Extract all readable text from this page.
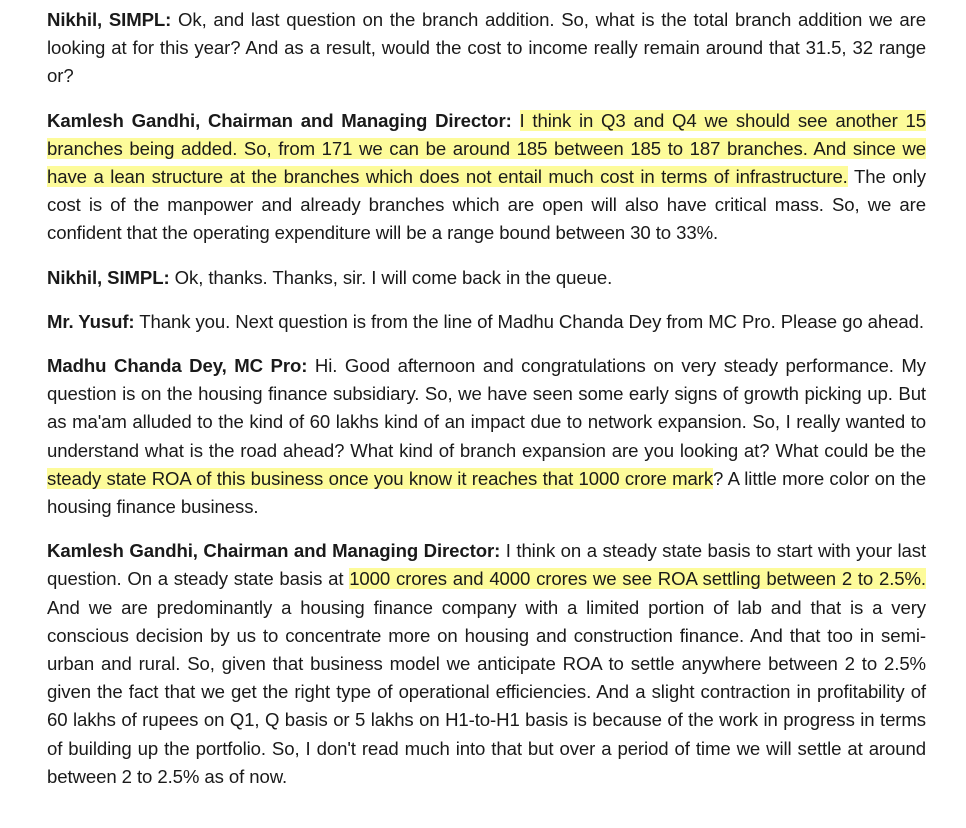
Nikhil, SIMPL: Ok, and last question on the branch addition. So, what is the total branch addition we are looking at for this year? And as a result, would the cost to income really remain around that 31.5, 32 range or?

Kamlesh Gandhi, Chairman and Managing Director: I think in Q3 and Q4 we should see another 15 branches being added. So, from 171 we can be around 185 between 185 to 187 branches. And since we have a lean structure at the branches which does not entail much cost in terms of infrastructure. The only cost is of the manpower and already branches which are open will also have critical mass. So, we are confident that the operating expenditure will be a range bound between 30 to 33%.

Nikhil, SIMPL: Ok, thanks. Thanks, sir. I will come back in the queue.

Mr. Yusuf: Thank you. Next question is from the line of Madhu Chanda Dey from MC Pro. Please go ahead.

Madhu Chanda Dey, MC Pro: Hi. Good afternoon and congratulations on very steady performance. My question is on the housing finance subsidiary. So, we have seen some early signs of growth picking up. But as ma'am alluded to the kind of 60 lakhs kind of an impact due to network expansion. So, I really wanted to understand what is the road ahead? What kind of branch expansion are you looking at? What could be the steady state ROA of this business once you know it reaches that 1000 crore mark? A little more color on the housing finance business.

Kamlesh Gandhi, Chairman and Managing Director: I think on a steady state basis to start with your last question. On a steady state basis at 1000 crores and 4000 crores we see ROA settling between 2 to 2.5%. And we are predominantly a housing finance company with a limited portion of lab and that is a very conscious decision by us to concentrate more on housing and construction finance. And that too in semi-urban and rural. So, given that business model we anticipate ROA to settle anywhere between 2 to 2.5% given the fact that we get the right type of operational efficiencies. And a slight contraction in profitability of 60 lakhs of rupees on Q1, Q basis or 5 lakhs on H1-to-H1 basis is because of the work in progress in terms of building up the portfolio. So, I don't read much into that but over a period of time we will settle at around between 2 to 2.5% as of now.
